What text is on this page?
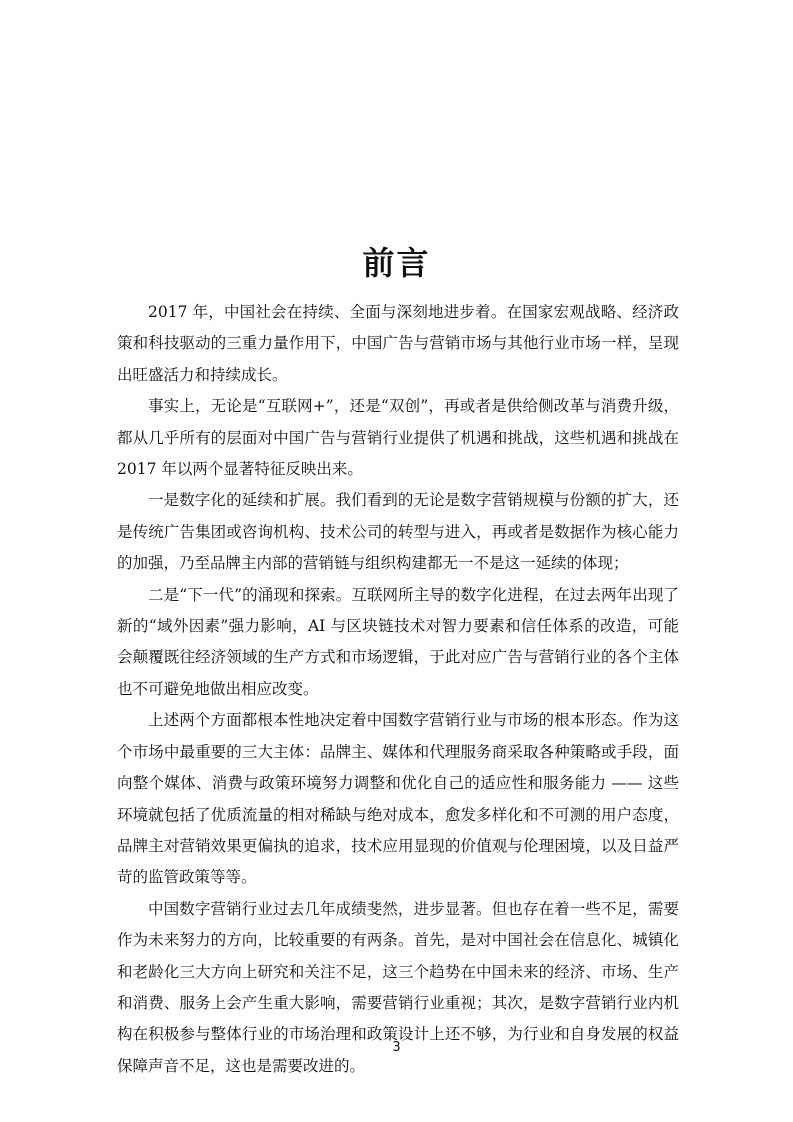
前言

2017 年，中国社会在持续、全面与深刻地进步着。在国家宏观战略、经济政策和科技驱动的三重力量作用下，中国广告与营销市场与其他行业市场一样，呈现出旺盛活力和持续成长。

事实上，无论是“互联网+”，还是“双创”，再或者是供给侧改革与消费升级，都从几乎所有的层面对中国广告与营销行业提供了机遇和挑战，这些机遇和挑战在 2017 年以两个显著特征反映出来。

一是数字化的延续和扩展。我们看到的无论是数字营销规模与份额的扩大，还是传统广告集团或咨询机构、技术公司的转型与进入，再或者是数据作为核心能力的加强，乃至品牌主内部的营销链与组织构建都无一不是这一延续的体现；

二是“下一代”的涌现和探索。互联网所主导的数字化进程，在过去两年出现了新的“域外因素”强力影响，AI 与区块链技术对智力要素和信任体系的改造，可能会颠覆既往经济领域的生产方式和市场逻辑，于此对应广告与营销行业的各个主体也不可避免地做出相应改变。

上述两个方面都根本性地决定着中国数字营销行业与市场的根本形态。作为这个市场中最重要的三大主体：品牌主、媒体和代理服务商采取各种策略或手段，面向整个媒体、消费与政策环境努力调整和优化自己的适应性和服务能力 —— 这些环境就包括了优质流量的相对稀缺与绝对成本，愈发多样化和不可测的用户态度，品牌主对营销效果更偏执的追求，技术应用显现的价值观与伦理困境，以及日益严苛的监管政策等等。

中国数字营销行业过去几年成绩斐然，进步显著。但也存在着一些不足，需要作为未来努力的方向，比较重要的有两条。首先，是对中国社会在信息化、城镇化和老龄化三大方向上研究和关注不足，这三个趋势在中国未来的经济、市场、生产和消费、服务上会产生重大影响，需要营销行业重视；其次，是数字营销行业内机构在积极参与整体行业的市场治理和政策设计上还不够，为行业和自身发展的权益保障声音不足，这也是需要改进的。

3
